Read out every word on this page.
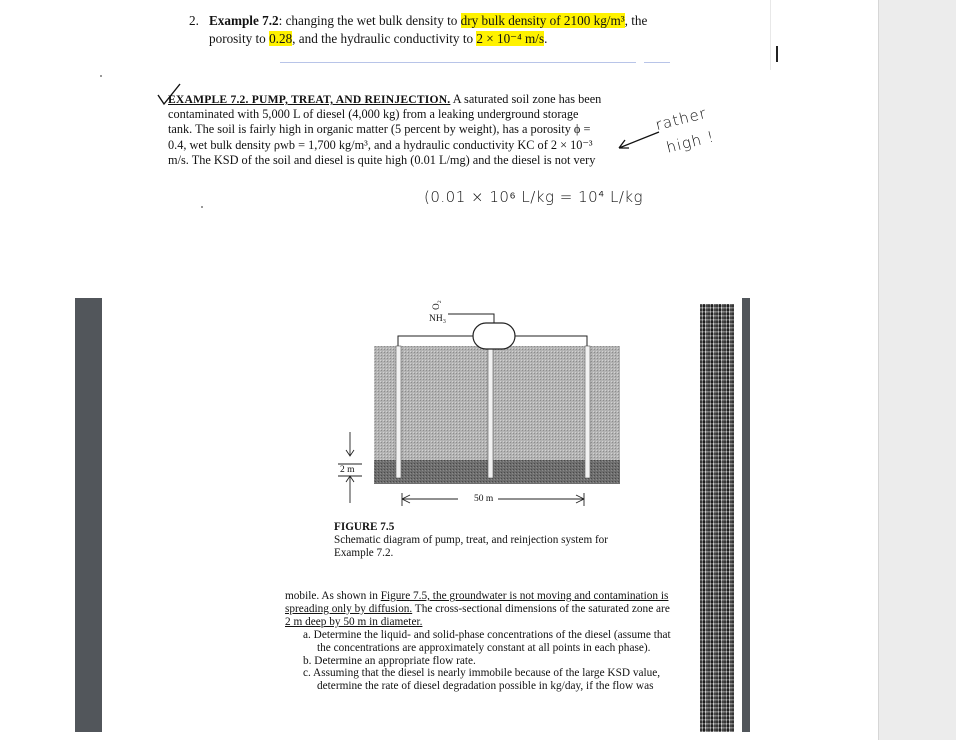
2. Example 7.2: changing the wet bulk density to dry bulk density of 2100 kg/m³, the
porosity to 0.28, and the hydraulic conductivity to 2 × 10⁻⁴ m/s.
EXAMPLE 7.2. PUMP, TREAT, AND REINJECTION. A saturated soil zone has been
contaminated with 5,000 L of diesel (4,000 kg) from a leaking underground storage
tank. The soil is fairly high in organic matter (5 percent by weight), has a porosity ϕ =
0.4, wet bulk density ρwb = 1,700 kg/m³, and a hydraulic conductivity KC of 2 × 10⁻³
m/s. The KSD of the soil and diesel is quite high (0.01 L/mg) and the diesel is not very
rather
high !
(0.01 × 10⁶ L/kg = 10⁴ L/kg
O₂
NH₃
2 m
50 m
FIGURE 7.5
Schematic diagram of pump, treat, and reinjection system for
Example 7.2.
mobile. As shown in Figure 7.5, the groundwater is not moving and contamination is
spreading only by diffusion. The cross-sectional dimensions of the saturated zone are
2 m deep by 50 m in diameter.
a. Determine the liquid- and solid-phase concentrations of the diesel (assume that
the concentrations are approximately constant at all points in each phase).
b. Determine an appropriate flow rate.
c. Assuming that the diesel is nearly immobile because of the large KSD value,
determine the rate of diesel degradation possible in kg/day, if the flow was
